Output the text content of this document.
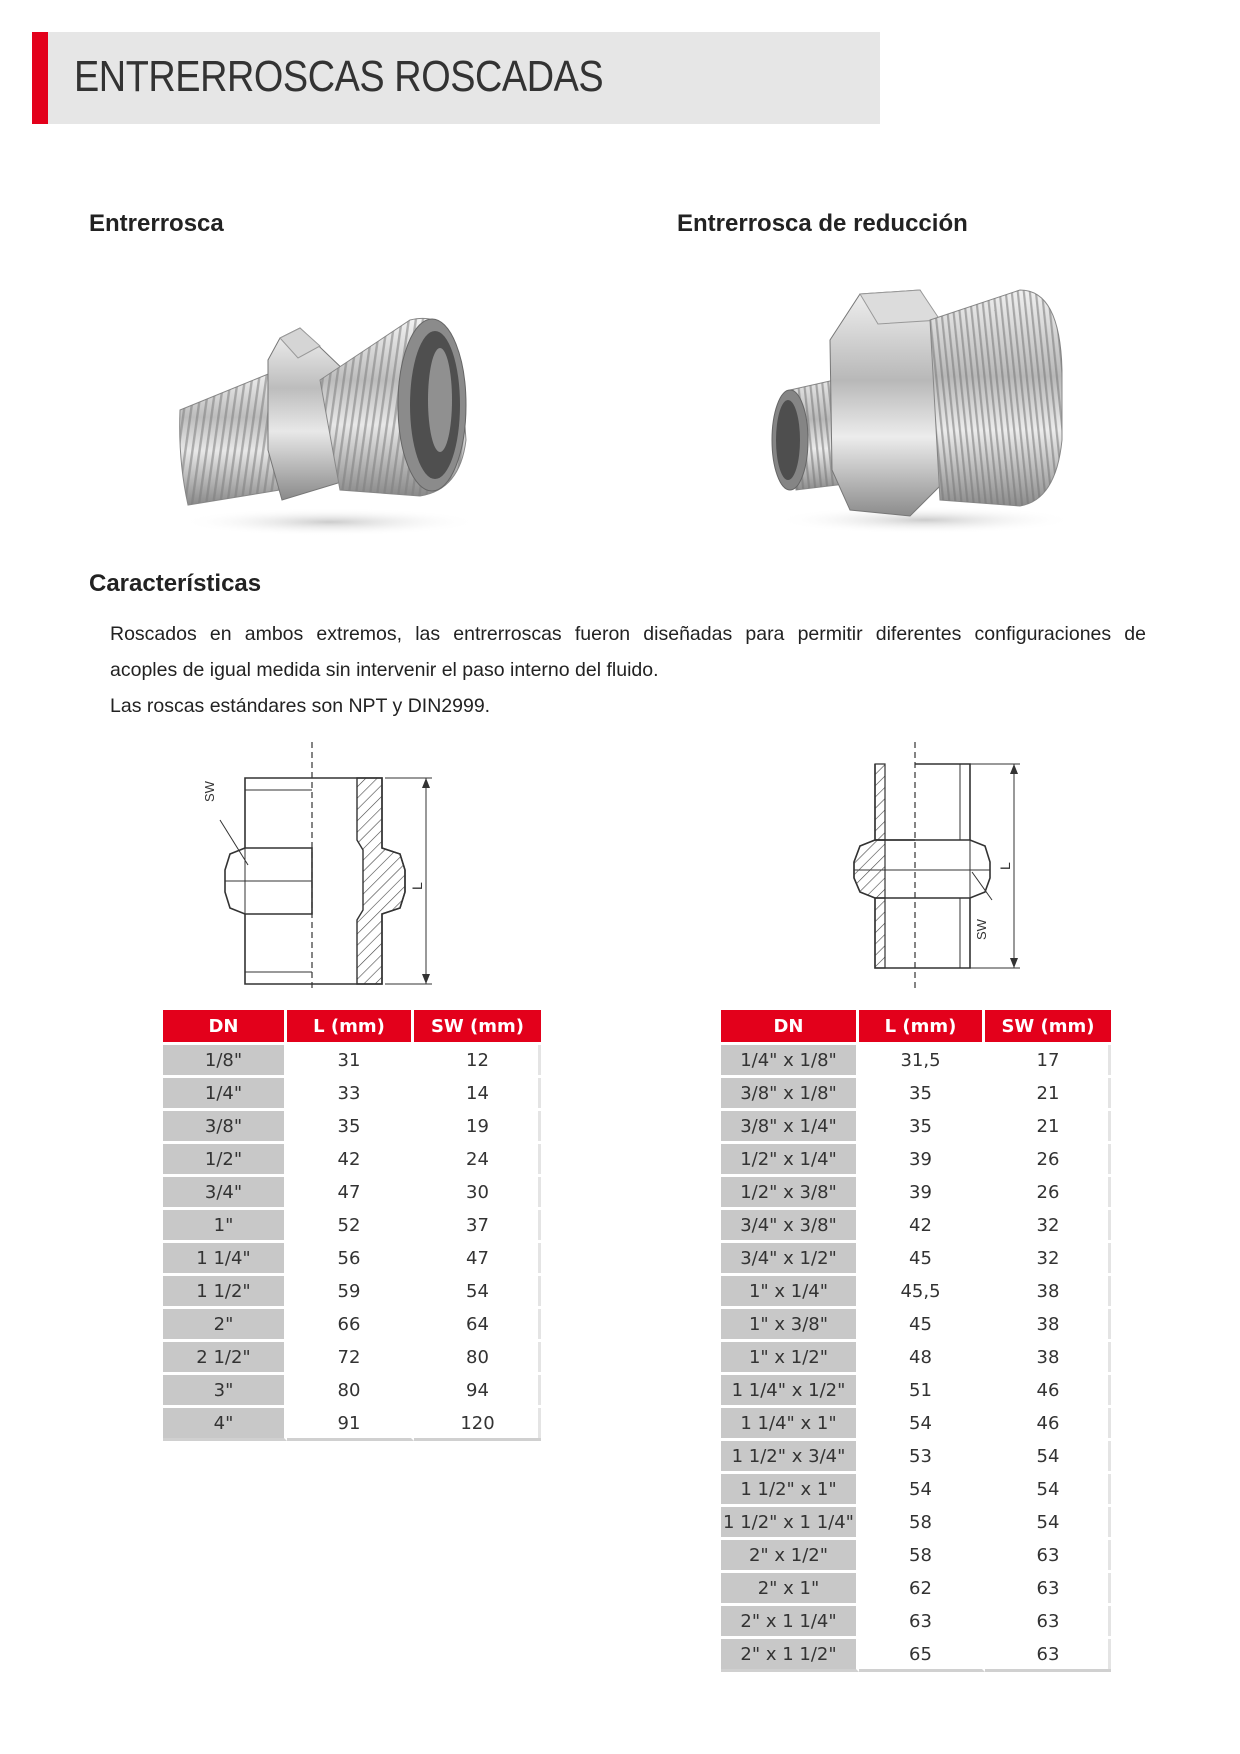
ENTRERROSCAS ROSCADAS
Entrerrosca	Entrerrosca de reducción
Características

Roscados en ambos extremos, las entrerroscas fueron diseñadas para permitir diferentes configuraciones de

acoples de igual medida sin intervenir el paso interno del fluido.

Las roscas estándares son NPT y DIN2999.

SW
L
SW
L
DN	L (mm)	SW (mm)
1/8"	31	12
1/4"	33	14
3/8"	35	19
1/2"	42	24
3/4"	47	30
1"	52	37
1 1/4"	56	47
1 1/2"	59	54
2"	66	64
2 1/2"	72	80
3"	80	94
4"	91	120
DN	L (mm)	SW (mm)
1/4" x 1/8"	31,5	17
3/8" x 1/8"	35	21
3/8" x 1/4"	35	21
1/2" x 1/4"	39	26
1/2" x 3/8"	39	26
3/4" x 3/8"	42	32
3/4" x 1/2"	45	32
1" x 1/4"	45,5	38
1" x 3/8"	45	38
1" x 1/2"	48	38
1 1/4" x 1/2"	51	46
1 1/4" x 1"	54	46
1 1/2" x 3/4"	53	54
1 1/2" x 1"	54	54
1 1/2" x 1 1/4"	58	54
2" x 1/2"	58	63
2" x 1"	62	63
2" x 1 1/4"	63	63
2" x 1 1/2"	65	63
